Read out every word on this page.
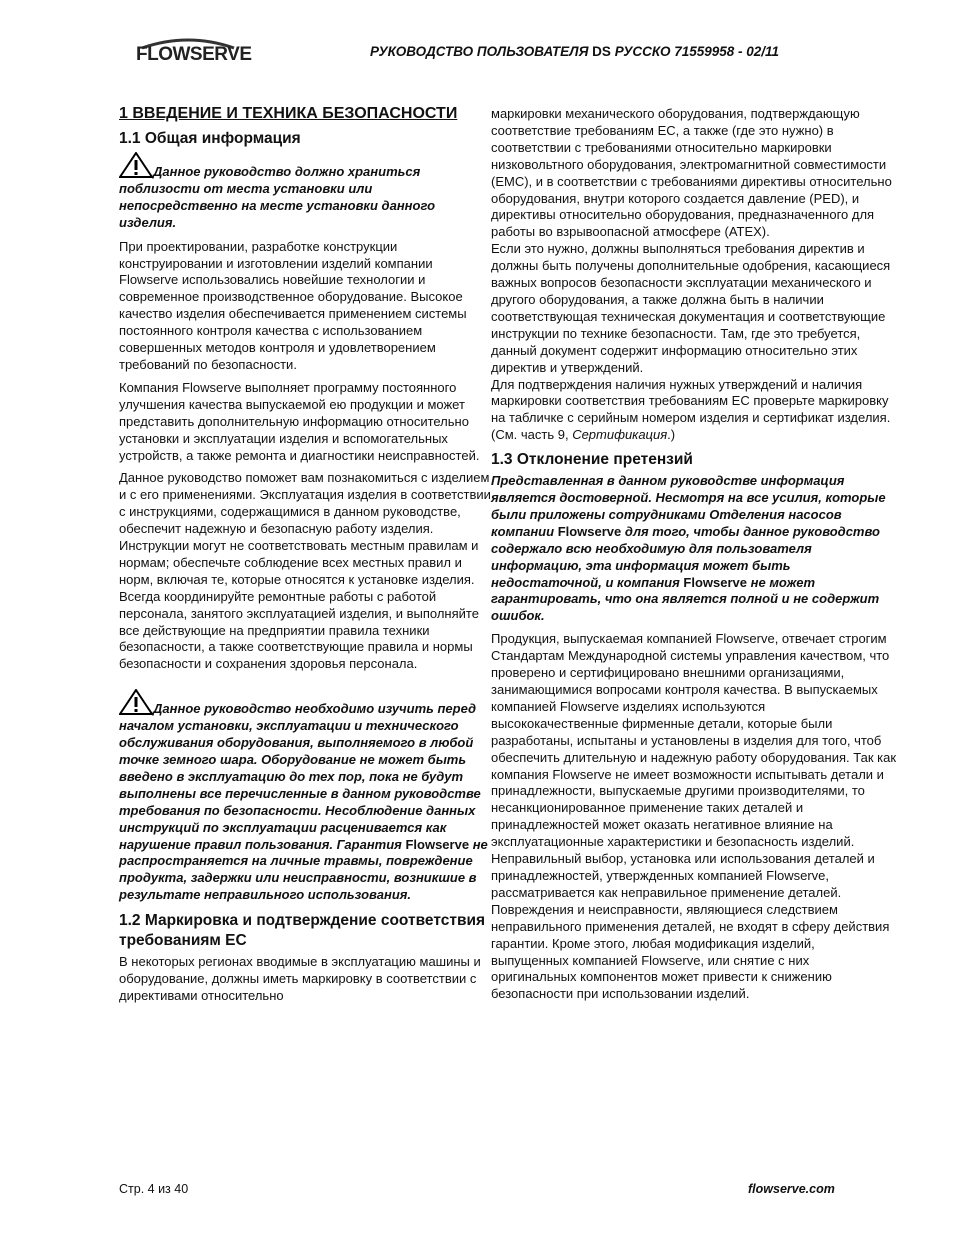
FLOWSERVE	РУКОВОДСТВО ПОЛЬЗОВАТЕЛЯ DS РУССКО 71559958 - 02/11
1 ВВЕДЕНИЕ И ТЕХНИКА БЕЗОПАСНОСТИ
1.1 Общая информация

Данное руководство должно храниться поблизости от места установки или непосредственно на месте установки данного изделия.

При проектировании, разработке конструкции конструировании и изготовлении изделий компании Flowserve использовались новейшие технологии и современное производственное оборудование. Высокое качество изделия обеспечивается применением системы постоянного контроля качества с использованием совершенных методов контроля и удовлетворением требований по безопасности.

Компания Flowserve выполняет программу постоянного улучшения качества выпускаемой ею продукции и может представить дополнительную информацию относительно установки и эксплуатации изделия и вспомогательных устройств, а также ремонта и диагностики неисправностей.

Данное руководство поможет вам познакомиться с изделием и с его применениями. Эксплуатация изделия в соответствии с инструкциями, содержащимися в данном руководстве, обеспечит надежную и безопасную работу изделия. Инструкции могут не соответствовать местным правилам и нормам; обеспечьте соблюдение всех местных правил и норм, включая те, которые относятся к установке изделия. Всегда координируйте ремонтные работы с работой персонала, занятого эксплуатацией изделия, и выполняйте все действующие на предприятии правила техники безопасности, а также соответствующие правила и нормы безопасности и сохранения здоровья персонала.

Данное руководство необходимо изучить перед началом установки, эксплуатации и технического обслуживания оборудования, выполняемого в любой точке земного шара. Оборудование не может быть введено в эксплуатацию до тех пор, пока не будут выполнены все перечисленные в данном руководстве требования по безопасности. Несоблюдение данных инструкций по эксплуатации расценивается как нарушение правил пользования. Гарантия Flowserve не распространяется на личные травмы, повреждение продукта, задержки или неисправности, возникшие в результате неправильного использования.

1.2 Маркировка и подтверждение соответствия требованиям ЕС

В некоторых регионах вводимые в эксплуатацию машины и оборудование, должны иметь маркировку в соответствии с директивами относительно

маркировки механического оборудования, подтверждающую соответствие требованиям ЕС, а также (где это нужно) в соответствии с требованиями относительно маркировки низковольтного оборудования, электромагнитной совместимости (EMC), и в соответствии с требованиями директивы относительно оборудования, внутри которого создается давление (PED), и директивы относительно оборудования, предназначенного для работы во взрывоопасной атмосфере (ATEX).

Если это нужно, должны выполняться требования директив и должны быть получены дополнительные одобрения, касающиеся важных вопросов безопасности эксплуатации механического и другого оборудования, а также должна быть в наличии соответствующая техническая документация и соответствующие инструкции по технике безопасности. Там, где это требуется, данный документ содержит информацию относительно этих директив и утверждений.

Для подтверждения наличия нужных утверждений и наличия маркировки соответствия требованиям ЕС проверьте маркировку на табличке с серийным номером изделия и сертификат изделия. (См. часть 9, Сертификация.)

1.3 Отклонение претензий

Представленная в данном руководстве информация является достоверной. Несмотря на все усилия, которые были приложены сотрудниками Отделения насосов компании Flowserve для того, чтобы данное руководство содержало всю необходимую для пользователя информацию, эта информация может быть недостаточной, и компания Flowserve не может гарантировать, что она является полной и не содержит ошибок.

Продукция, выпускаемая компанией Flowserve, отвечает строгим Стандартам Международной системы управления качеством, что проверено и сертифицировано внешними организациями, занимающимися вопросами контроля качества. В выпускаемых компанией Flowserve изделиях используются высококачественные фирменные детали, которые были разработаны, испытаны и установлены в изделия для того, чтоб обеспечить длительную и надежную работу оборудования. Так как компания Flowserve не имеет возможности испытывать детали и принадлежности, выпускаемые другими производителями, то несанкционированное применение таких деталей и принадлежностей может оказать негативное влияние на эксплуатационные характеристики и безопасность изделий. Неправильный выбор, установка или использования деталей и принадлежностей, утвержденных компанией Flowserve, рассматривается как неправильное применение деталей. Повреждения и неисправности, являющиеся следствием неправильного применения деталей, не входят в сферу действия гарантии. Кроме этого, любая модификация изделий, выпущенных компанией Flowserve, или снятие с них оригинальных компонентов может привести к снижению безопасности при использовании изделий.

Стр. 4 из 40	flowserve.com
